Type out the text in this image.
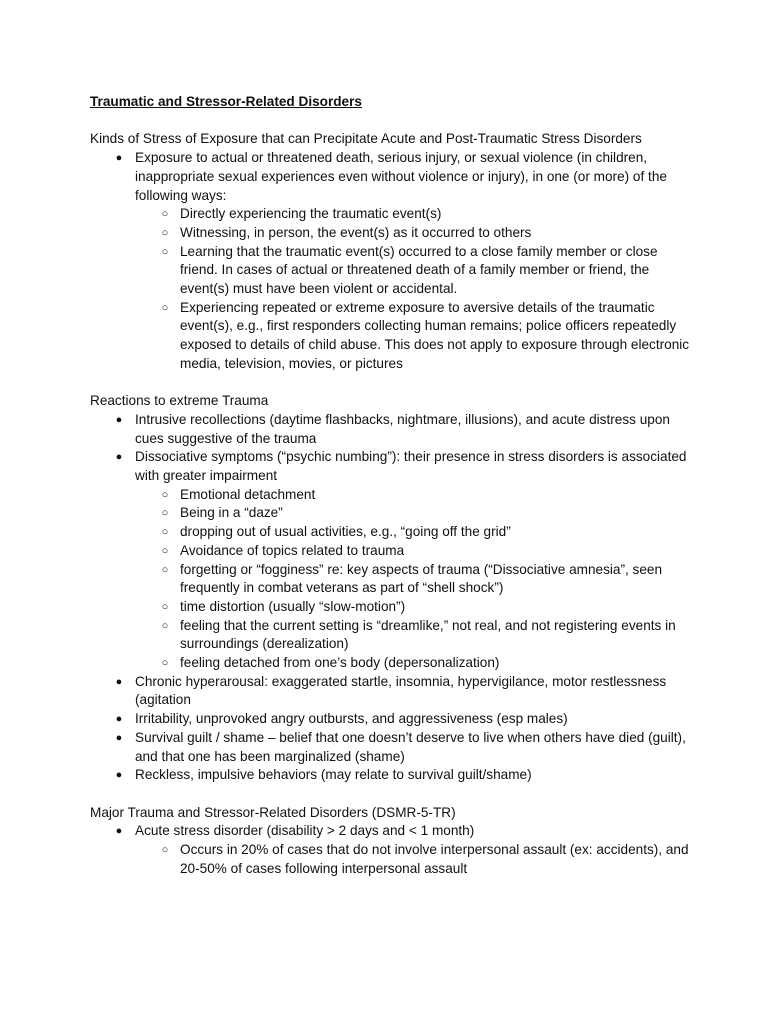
Traumatic and Stressor-Related Disorders

Kinds of Stress of Exposure that can Precipitate Acute and Post-Traumatic Stress Disorders

● Exposure to actual or threatened death, serious injury, or sexual violence (in children, inappropriate sexual experiences even without violence or injury), in one (or more) of the following ways:
○ Directly experiencing the traumatic event(s)
○ Witnessing, in person, the event(s) as it occurred to others
○ Learning that the traumatic event(s) occurred to a close family member or close friend. In cases of actual or threatened death of a family member or friend, the event(s) must have been violent or accidental.
○ Experiencing repeated or extreme exposure to aversive details of the traumatic event(s), e.g., first responders collecting human remains; police officers repeatedly exposed to details of child abuse. This does not apply to exposure through electronic media, television, movies, or pictures

Reactions to extreme Trauma

● Intrusive recollections (daytime flashbacks, nightmare, illusions), and acute distress upon cues suggestive of the trauma
● Dissociative symptoms (“psychic numbing”): their presence in stress disorders is associated with greater impairment
○ Emotional detachment
○ Being in a “daze”
○ dropping out of usual activities, e.g., “going off the grid”
○ Avoidance of topics related to trauma
○ forgetting or “fogginess” re: key aspects of trauma (“Dissociative amnesia”, seen frequently in combat veterans as part of “shell shock”)
○ time distortion (usually “slow-motion”)
○ feeling that the current setting is “dreamlike,” not real, and not registering events in surroundings (derealization)
○ feeling detached from one’s body (depersonalization)
● Chronic hyperarousal: exaggerated startle, insomnia, hypervigilance, motor restlessness (agitation
● Irritability, unprovoked angry outbursts, and aggressiveness (esp males)
● Survival guilt / shame – belief that one doesn’t deserve to live when others have died (guilt), and that one has been marginalized (shame)
● Reckless, impulsive behaviors (may relate to survival guilt/shame)

Major Trauma and Stressor-Related Disorders (DSMR-5-TR)

● Acute stress disorder (disability > 2 days and < 1 month)
○ Occurs in 20% of cases that do not involve interpersonal assault (ex: accidents), and 20-50% of cases following interpersonal assault
